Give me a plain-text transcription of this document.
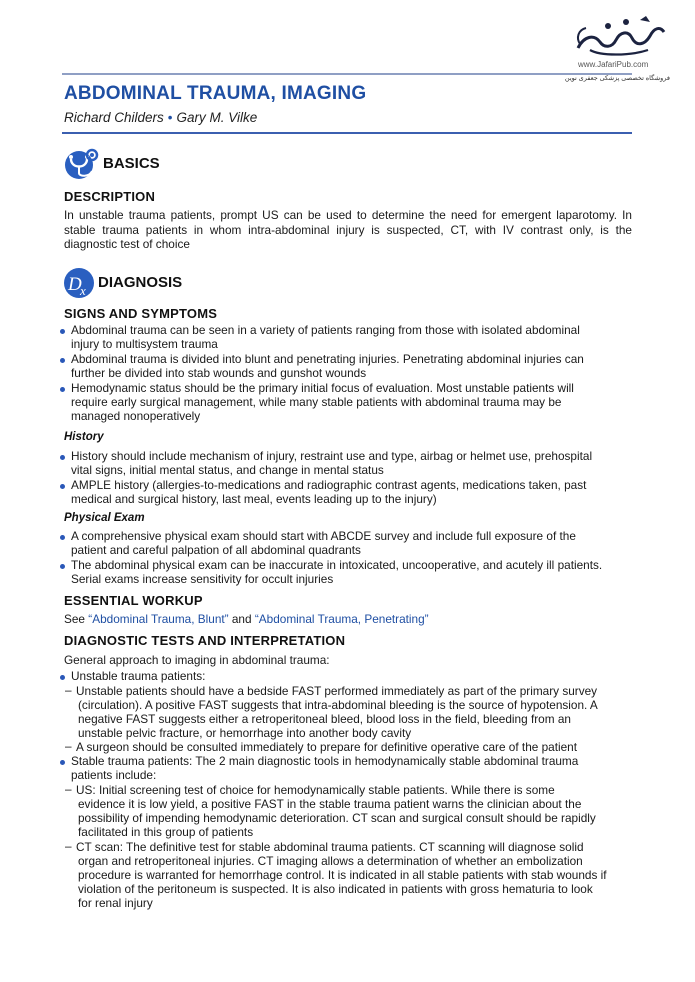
www.JafariPub.com
فروشگاه تخصصی پزشکی جعفری نوین
ABDOMINAL TRAUMA, IMAGING
Richard Childers • Gary M. Vilke
BASICS
DESCRIPTION
In unstable trauma patients, prompt US can be used to determine the need for emergent laparotomy. In
stable trauma patients in whom intra-abdominal injury is suspected, CT, with IV contrast only, is the
diagnostic test of choice
D
x DIAGNOSIS
SIGNS AND SYMPTOMS
Abdominal trauma can be seen in a variety of patients ranging from those with isolated abdominal
injury to multisystem trauma
Abdominal trauma is divided into blunt and penetrating injuries. Penetrating abdominal injuries can
further be divided into stab wounds and gunshot wounds
Hemodynamic status should be the primary initial focus of evaluation. Most unstable patients will
require early surgical management, while many stable patients with abdominal trauma may be
managed nonoperatively
History
History should include mechanism of injury, restraint use and type, airbag or helmet use, prehospital
vital signs, initial mental status, and change in mental status
AMPLE history (allergies-to-medications and radiographic contrast agents, medications taken, past
medical and surgical history, last meal, events leading up to the injury)
Physical Exam
A comprehensive physical exam should start with ABCDE survey and include full exposure of the
patient and careful palpation of all abdominal quadrants
The abdominal physical exam can be inaccurate in intoxicated, uncooperative, and acutely ill patients.
Serial exams increase sensitivity for occult injuries
ESSENTIAL WORKUP
See “Abdominal Trauma, Blunt” and “Abdominal Trauma, Penetrating”
DIAGNOSTIC TESTS AND INTERPRETATION
General approach to imaging in abdominal trauma:
Unstable trauma patients:
– Unstable patients should have a bedside FAST performed immediately as part of the primary survey
(circulation). A positive FAST suggests that intra-abdominal bleeding is the source of hypotension. A
negative FAST suggests either a retroperitoneal bleed, blood loss in the field, bleeding from an
unstable pelvic fracture, or hemorrhage into another body cavity
– A surgeon should be consulted immediately to prepare for definitive operative care of the patient
Stable trauma patients: The 2 main diagnostic tools in hemodynamically stable abdominal trauma
patients include:
– US: Initial screening test of choice for hemodynamically stable patients. While there is some
evidence it is low yield, a positive FAST in the stable trauma patient warns the clinician about the
possibility of impending hemodynamic deterioration. CT scan and surgical consult should be rapidly
facilitated in this group of patients
– CT scan: The definitive test for stable abdominal trauma patients. CT scanning will diagnose solid
organ and retroperitoneal injuries. CT imaging allows a determination of whether an embolization
procedure is warranted for hemorrhage control. It is indicated in all stable patients with stab wounds if
violation of the peritoneum is suspected. It is also indicated in patients with gross hematuria to look
for renal injury
